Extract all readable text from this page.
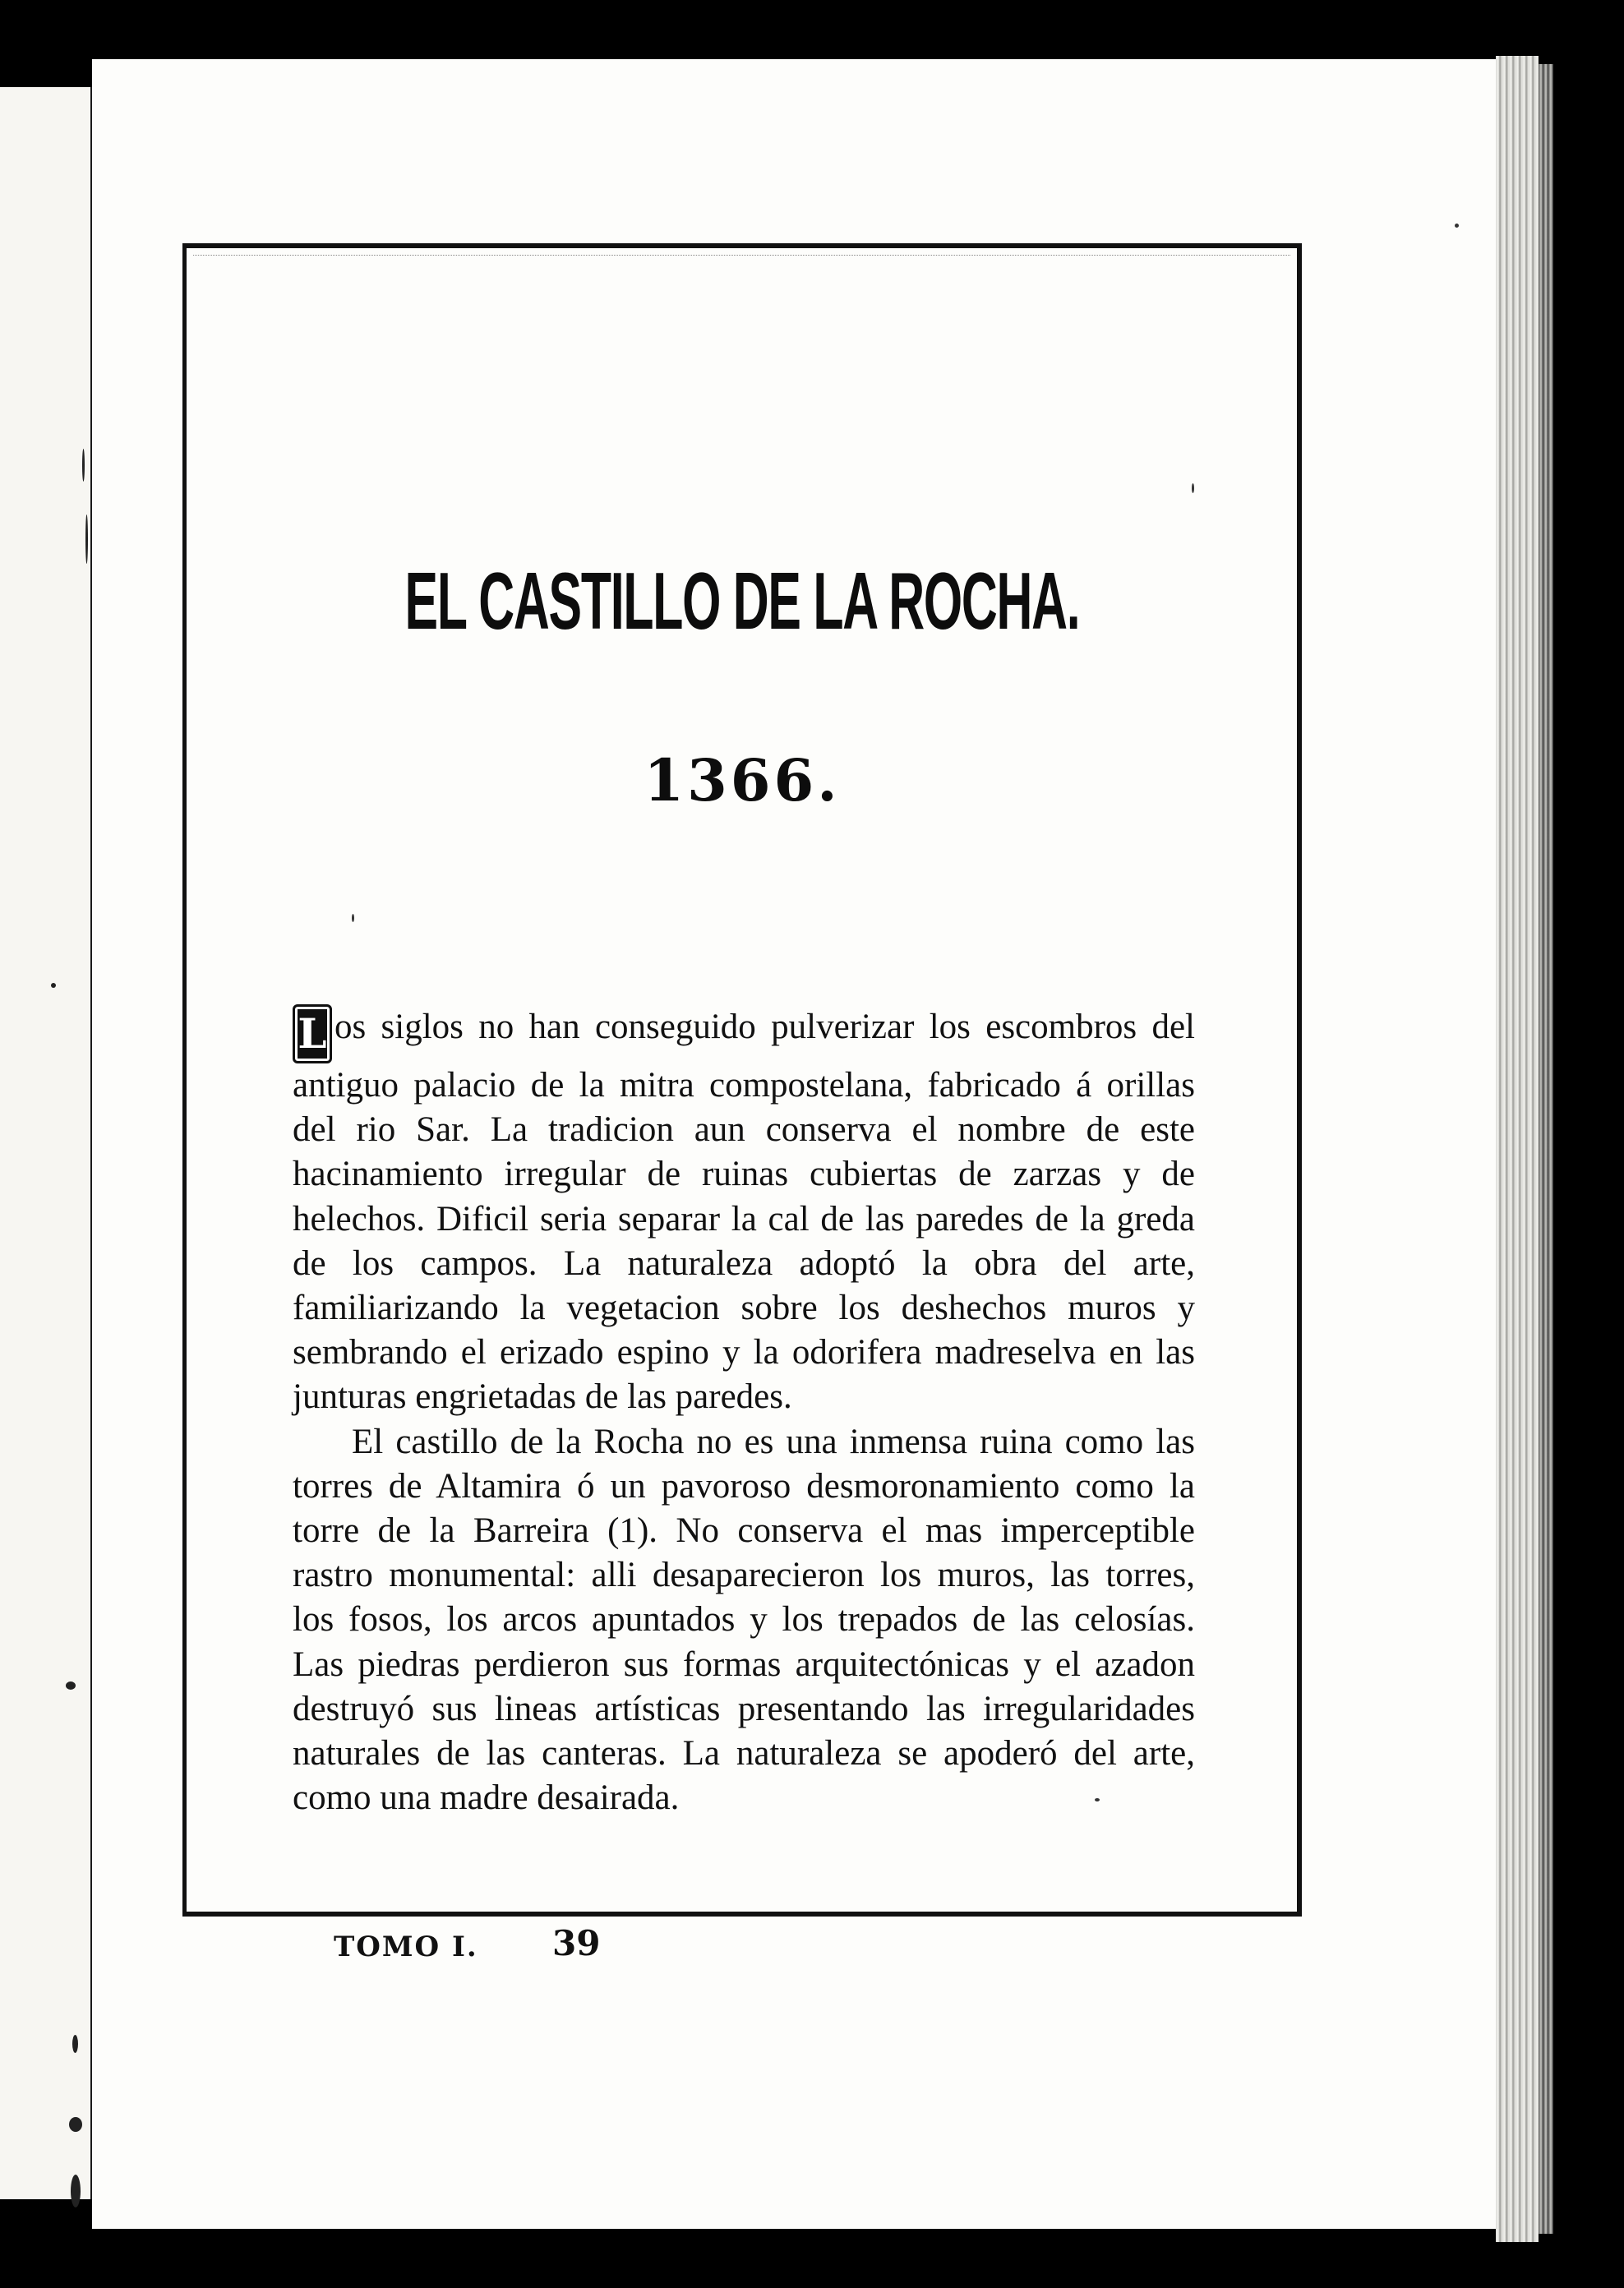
EL CASTILLO DE LA ROCHA.
1366.

L os siglos no han conseguido pulverizar los escombros del antiguo palacio de la mitra compostelana, fabricado á orillas del rio Sar. La tradicion aun conserva el nombre de este hacinamiento irregular de ruinas cubiertas de zarzas y de helechos. Dificil seria separar la cal de las paredes de la greda de los campos. La naturaleza adoptó la obra del arte, familiarizando la vegetacion sobre los deshechos muros y sembrando el erizado espino y la odorifera madreselva en las junturas engrietadas de las paredes.

El castillo de la Rocha no es una inmensa ruina como las torres de Altamira ó un pavoroso desmoronamiento como la torre de la Barreira (1). No conserva el mas imperceptible rastro monumental: alli desaparecieron los muros, las torres, los fosos, los arcos apuntados y los trepados de las celosías. Las piedras perdieron sus formas arquitectónicas y el azadon destruyó sus lineas artísticas presentando las irregularidades naturales de las canteras. La naturaleza se apoderó del arte, como una madre desairada.

TOMO I. 39
